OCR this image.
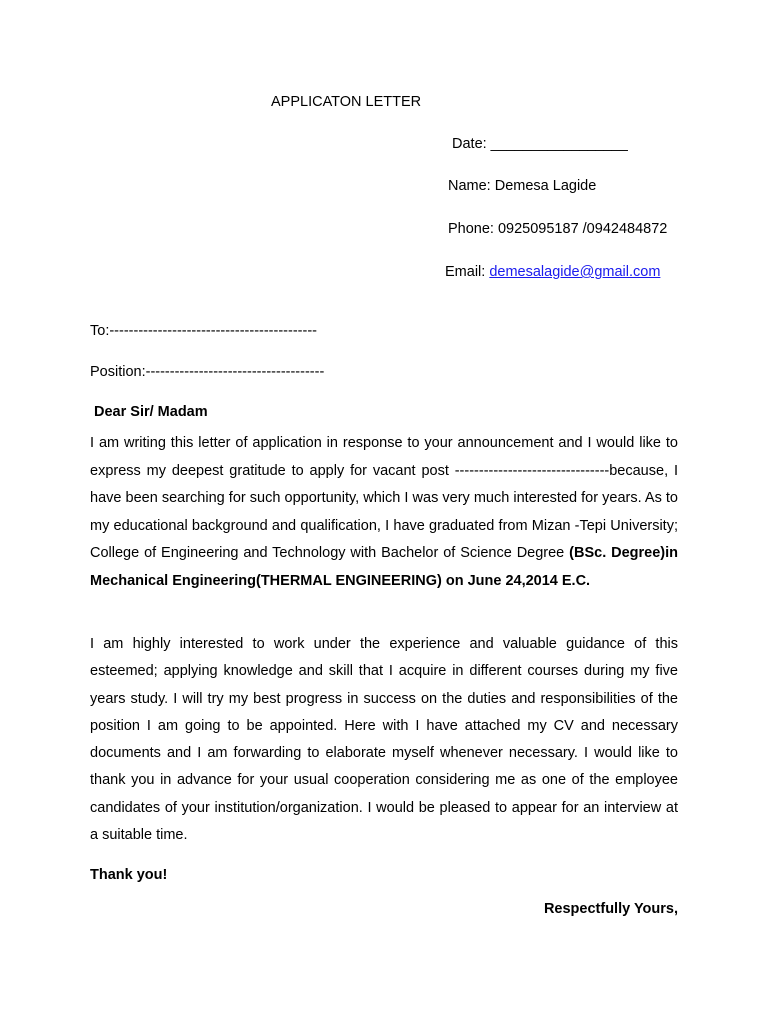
APPLICATON LETTER
Date: _________________
Name: Demesa Lagide
Phone: 0925095187 /0942484872
Email: demesalagide@gmail.com
To:-------------------------------------------
Position:-------------------------------------
Dear Sir/ Madam

I am writing this letter of application in response to your announcement and I would like to express my deepest gratitude to apply for vacant post --------------------------------because, I have been searching for such opportunity, which I was very much interested for years. As to my educational background and qualification, I have graduated from Mizan -Tepi University; College of Engineering and Technology with Bachelor of Science Degree (BSc. Degree)in Mechanical Engineering(THERMAL ENGINEERING) on June 24,2014 E.C.

I am highly interested to work under the experience and valuable guidance of this esteemed; applying knowledge and skill that I acquire in different courses during my five years study. I will try my best progress in success on the duties and responsibilities of the position I am going to be appointed. Here with I have attached my CV and necessary documents and I am forwarding to elaborate myself whenever necessary. I would like to thank you in advance for your usual cooperation considering me as one of the employee candidates of your institution/organization. I would be pleased to appear for an interview at a suitable time.

Thank you!
Respectfully Yours,
